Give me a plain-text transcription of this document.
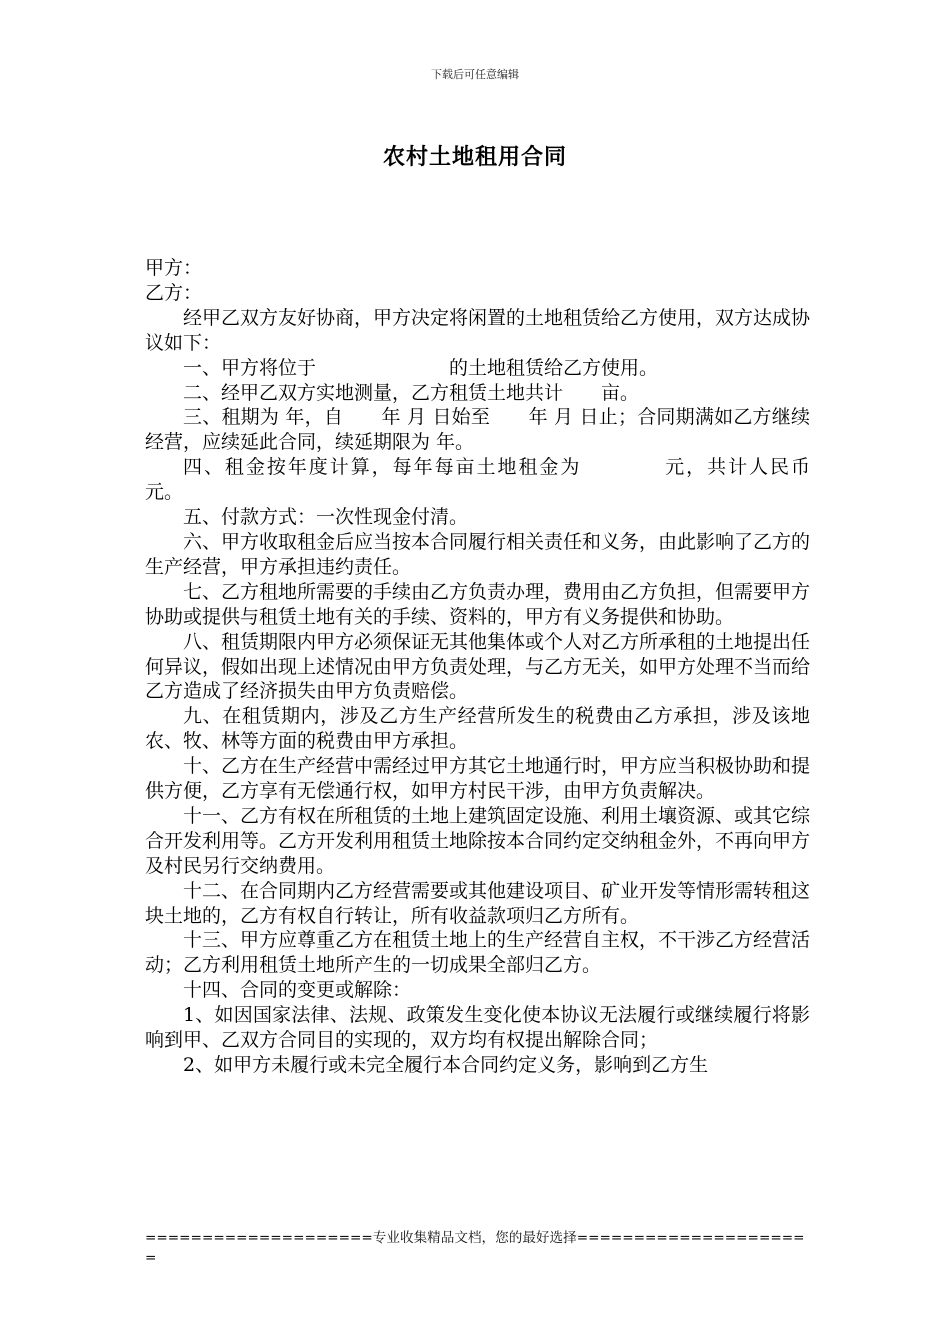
下载后可任意编辑
农村土地租用合同

甲方：

乙方：

经甲乙双方友好协商，甲方决定将闲置的土地租赁给乙方使用，双方达成协议如下：

一、甲方将位于　　　　　　　的土地租赁给乙方使用。

二、经甲乙双方实地测量，乙方租赁土地共计　　亩。

三、租期为 年，自　　年 月 日始至　　年 月 日止；合同期满如乙方继续经营，应续延此合同，续延期限为 年。

四、租金按年度计算，每年每亩土地租金为　　　　元，共计人民币　　　　元。

五、付款方式：一次性现金付清。

六、甲方收取租金后应当按本合同履行相关责任和义务，由此影响了乙方的生产经营，甲方承担违约责任。

七、乙方租地所需要的手续由乙方负责办理，费用由乙方负担，但需要甲方协助或提供与租赁土地有关的手续、资料的，甲方有义务提供和协助。

八、租赁期限内甲方必须保证无其他集体或个人对乙方所承租的土地提出任何异议，假如出现上述情况由甲方负责处理，与乙方无关，如甲方处理不当而给乙方造成了经济损失由甲方负责赔偿。

九、在租赁期内，涉及乙方生产经营所发生的税费由乙方承担，涉及该地农、牧、林等方面的税费由甲方承担。

十、乙方在生产经营中需经过甲方其它土地通行时，甲方应当积极协助和提供方便，乙方享有无偿通行权，如甲方村民干涉，由甲方负责解决。

十一、乙方有权在所租赁的土地上建筑固定设施、利用土壤资源、或其它综合开发利用等。乙方开发利用租赁土地除按本合同约定交纳租金外，不再向甲方及村民另行交纳费用。

十二、在合同期内乙方经营需要或其他建设项目、矿业开发等情形需转租这块土地的，乙方有权自行转让，所有收益款项归乙方所有。

十三、甲方应尊重乙方在租赁土地上的生产经营自主权，不干涉乙方经营活动；乙方利用租赁土地所产生的一切成果全部归乙方。

十四、合同的变更或解除：

1、如因国家法律、法规、政策发生变化使本协议无法履行或继续履行将影响到甲、乙双方合同目的实现的，双方均有权提出解除合同；

2、如甲方未履行或未完全履行本合同约定义务，影响到乙方生

====================专业收集精品文档，您的最好选择=====================
